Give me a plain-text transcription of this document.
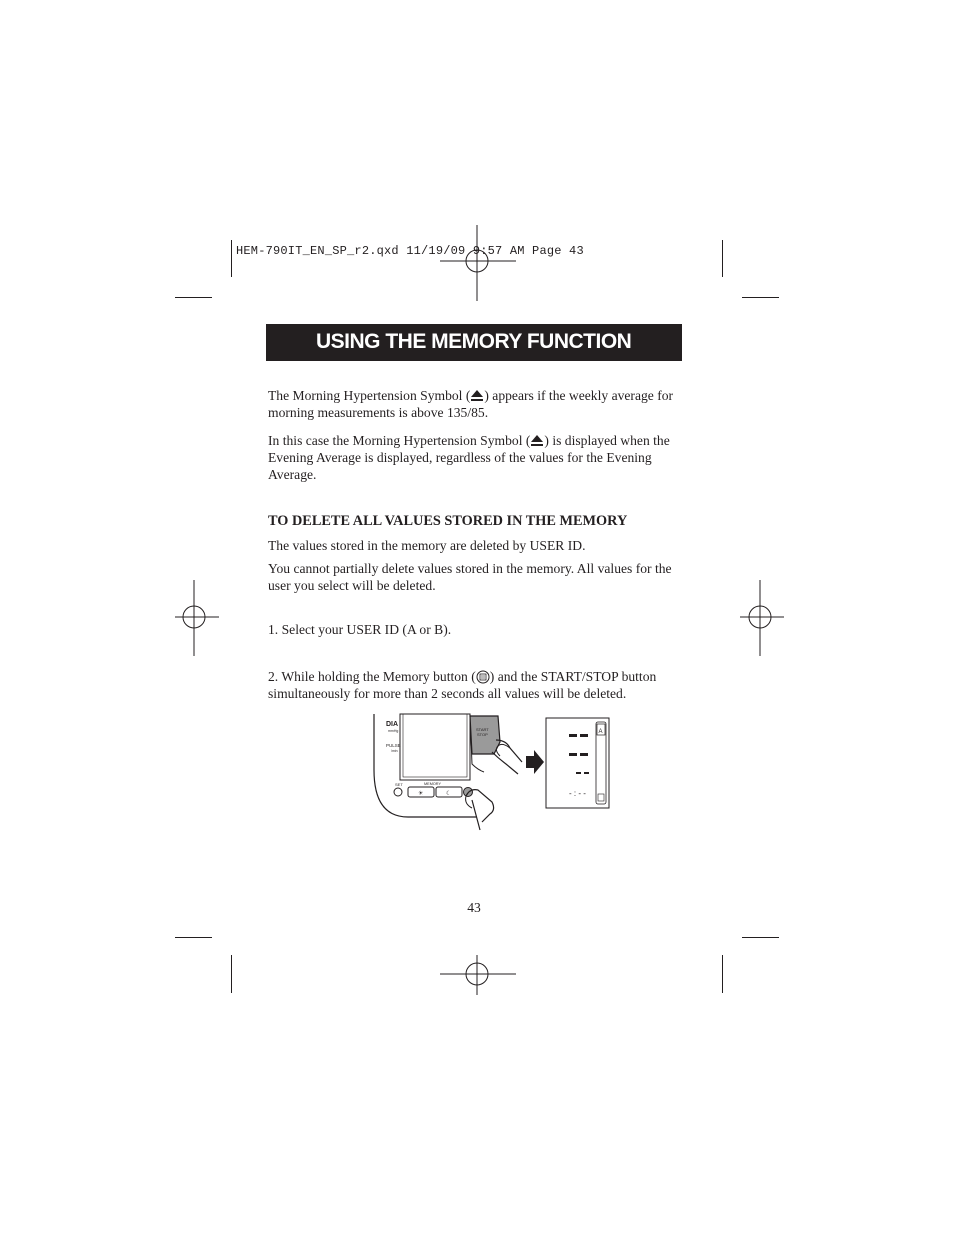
HEM-790IT_EN_SP_r2.qxd 11/19/09 9:57 AM Page 43
USING THE MEMORY FUNCTION

The Morning Hypertension Symbol ( ) appears if the weekly average for morning measurements is above 135/85.

In this case the Morning Hypertension Symbol ( ) is displayed when the Evening Average is displayed, regardless of the values for the Evening Average.

TO DELETE ALL VALUES STORED IN THE MEMORY
The values stored in the memory are deleted by USER ID.
You cannot partially delete values stored in the memory. All values for the user you select will be deleted.
1. Select your USER ID (A or B).
2. While holding the Memory button ( ) and the START/STOP button simultaneously for more than 2 seconds all values will be deleted.
DIA
mmHg
PULSE
/min
START
STOP
SET	MEMORY
☀	☾
A
- : - -
43
